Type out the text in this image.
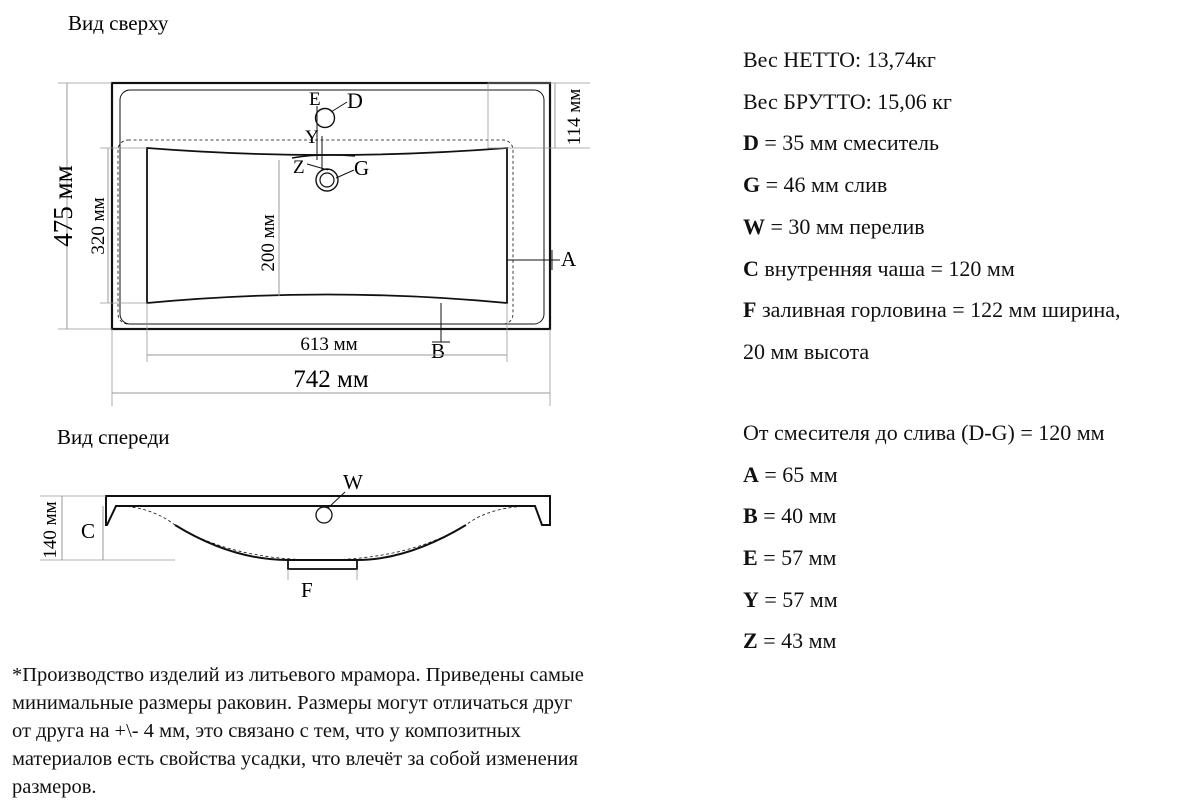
Вид сверху
E D
Y
Z G
A
B
475 мм 320 мм
114 мм
200 мм
613 мм
742 мм
Вид спереди
W
140 мм C
F
Вес НЕТТО: 13,74кг
Вес БРУТТО: 15,06 кг
D = 35 мм смеситель
G = 46 мм слив
W = 30 мм перелив
C внутренняя чаша = 120 мм
F заливная горловина = 122 мм ширина,
20 мм высота
От смесителя до слива (D-G) = 120 мм
A = 65 мм
B = 40 мм
E = 57 мм
Y = 57 мм
Z = 43 мм
*Производство изделий из литьевого мрамора. Приведены самые
минимальные размеры раковин. Размеры могут отличаться друг
от друга на +\- 4 мм, это связано с тем, что у композитных
материалов есть свойства усадки, что влечёт за собой изменения
размеров.
